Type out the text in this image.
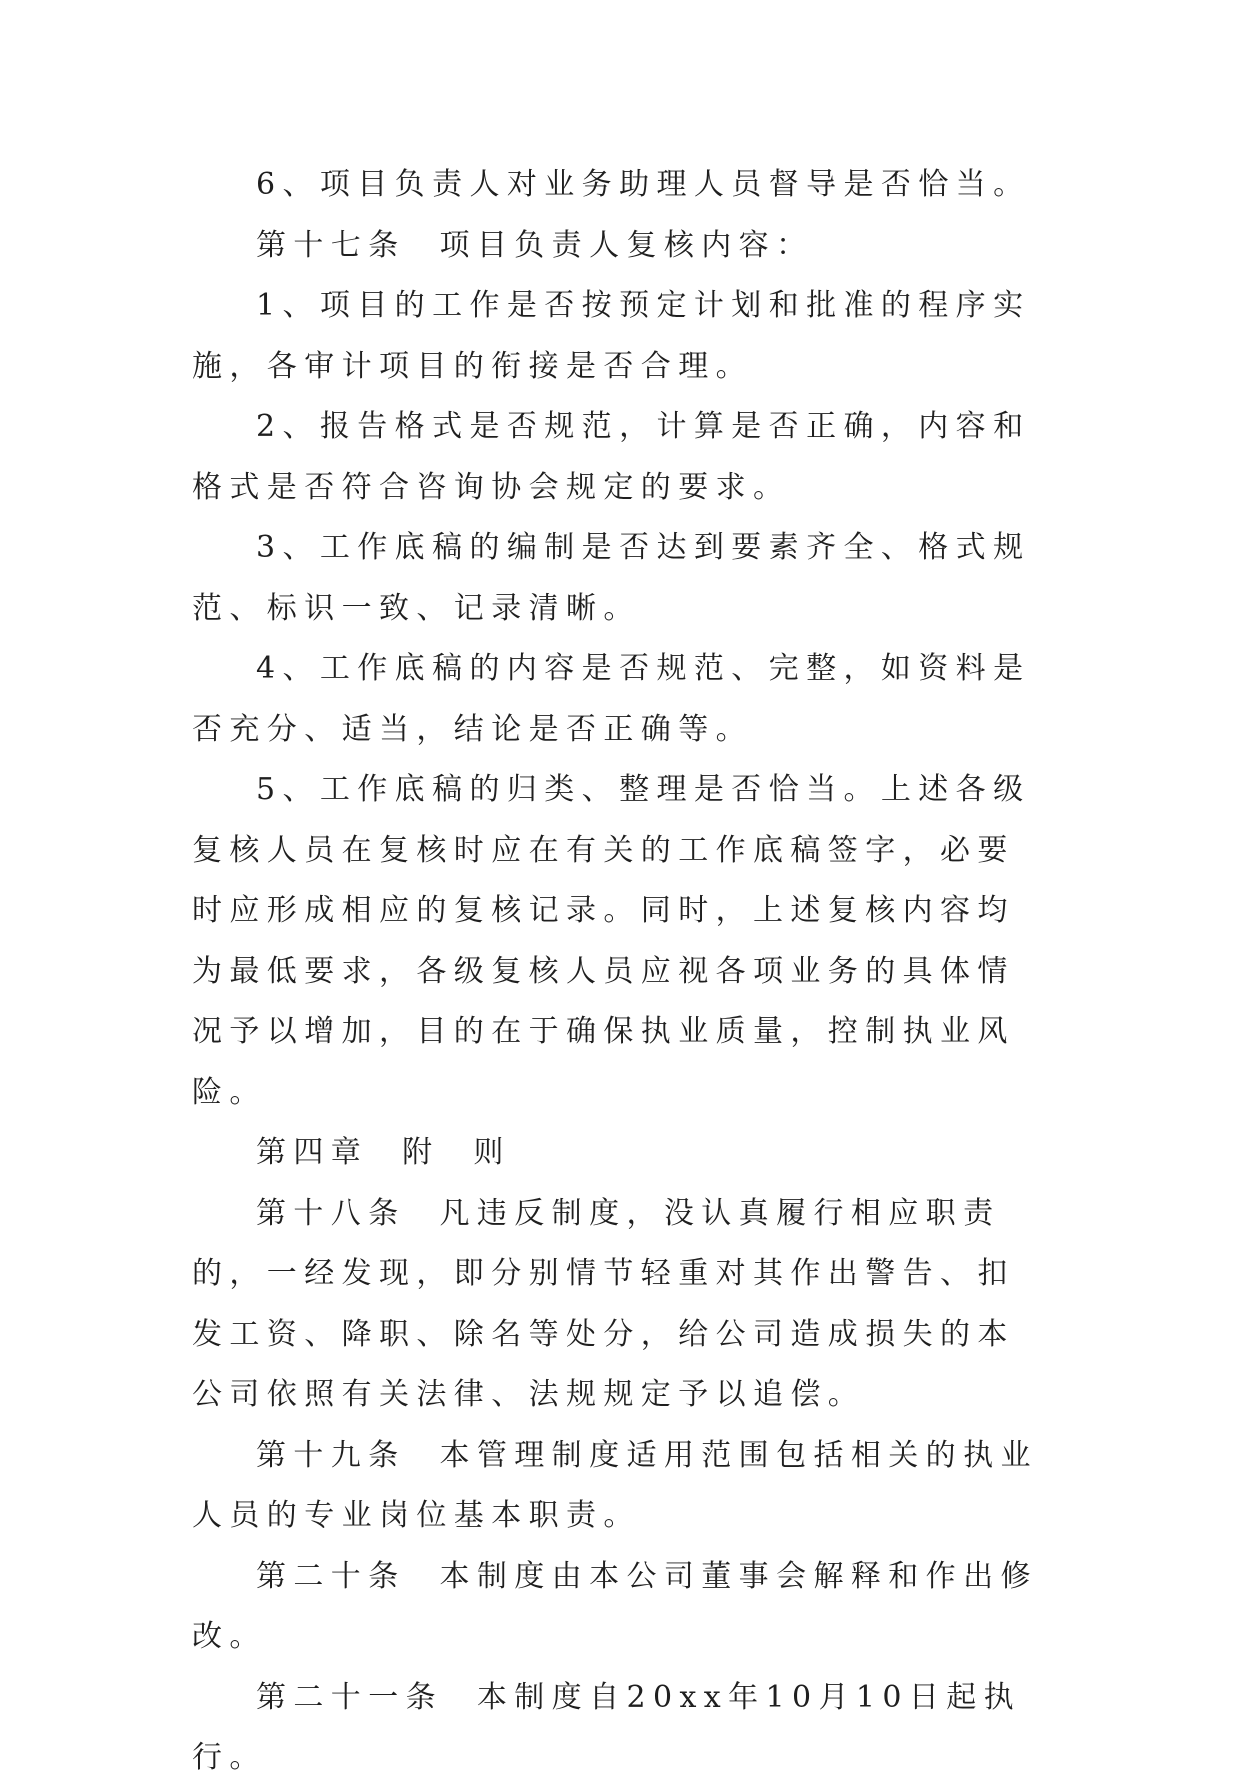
6、项目负责人对业务助理人员督导是否恰当。

第十七条  项目负责人复核内容：

1、项目的工作是否按预定计划和批准的程序实施，各审计项目的衔接是否合理。

2、报告格式是否规范，计算是否正确，内容和格式是否符合咨询协会规定的要求。

3、工作底稿的编制是否达到要素齐全、格式规范、标识一致、记录清晰。

4、工作底稿的内容是否规范、完整，如资料是否充分、适当，结论是否正确等。

5、工作底稿的归类、整理是否恰当。上述各级复核人员在复核时应在有关的工作底稿签字，必要时应形成相应的复核记录。同时，上述复核内容均为最低要求，各级复核人员应视各项业务的具体情况予以增加，目的在于确保执业质量，控制执业风险。

第四章  附  则

第十八条  凡违反制度，没认真履行相应职责的，一经发现，即分别情节轻重对其作出警告、扣发工资、降职、除名等处分，给公司造成损失的本公司依照有关法律、法规规定予以追偿。

第十九条  本管理制度适用范围包括相关的执业人员的专业岗位基本职责。

第二十条  本制度由本公司董事会解释和作出修改。

第二十一条  本制度自20xx年10月10日起执行。
